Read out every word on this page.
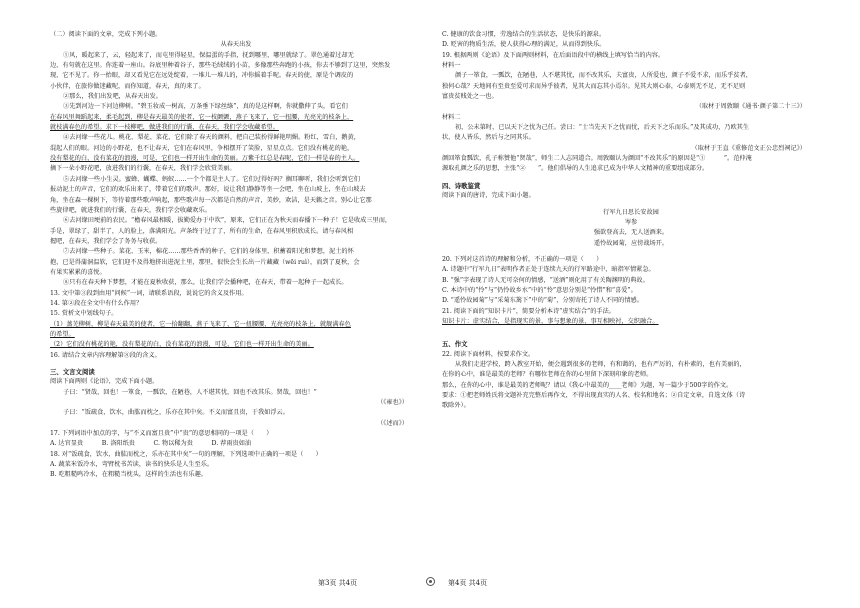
（二）阅读下面的文章，完成下列小题。
从春天出发
①风，暖起来了，云，轻起来了，而屯里得轻星，保温蛋的手指，抚到哪里，哪里就绿了。翠色通着过却无
边，有句就在这里。你连着一座山。谷底里种着谷子，那些毛绒绒的小苗，多像那些奔跑的小孩，你去不够到了这里，突然发
现，它不见了。你一抬眼，却又看见它在远处绽着，一堆儿一堆儿的，冲你摇着手呢。春天的使，原是个调皮的
小伙伴，在旅你做迷藏呢，而你知道，春天，真的来了。
②那么，我们出发吧，从春天出发。
③先到河边一下河边柳树。“碧玉妆成一树高，万条垂下绿丝绦”，真的是这样啊，你就撒伸了头，看它们
在春风里舞蹈起来，柔毛起到，柳是春天最美的使者，它一枝颤颤，燕子飞来了，它一扭腰，光亮光的枝条上，
就枝满春色的希望。求下一枝柳吧，做进我们的行囊，在春天，我们学会收藏希望。
④去河缘一些花儿。桃花、梨花、菜花，它们除了春天的颜料，把自己装扮得鲜艳明媚。粉红，雪白，鹅黄，
混起人们的眼。河边的小野花，也不让春天，它们在春风里，争相摆开了笑脸，星星点点。它们没有桃花的艳，
没有梨花的白，没有菜花的浪漫，可是，它们也一样开出生命的美丽。万紫千红总是春呢，它们一样是春的主人。
摘下一朵小野花吧，放进我们的行囊，在春天，我们学会欣赏美丽。
⑤去河缘一些小生灵。蜜蜂、蝴蝶、蚂蚁……一个个都是主人了。它们过得好吗？搁耳聊听，我们会听到它们
报动泥土的声音，它们的欢乐出来了，带着它们的歌声。那好，说让我们静静等坐一会吧，坐在山坡上，坐在山坡去
角，坐在森一棵树下，等待着那些歌声响起，那些歌声每一次都是自然的声音，美妙，欢洁，是天籁之音。别心让它那
些旋律吧，就进我们的行囊，在春天，我们学会收藏欢乐。
⑥去河缘田埂前的农民。“檐春风最相暖，拔勤爱办于中坎”，原来，它们正在为秋天而春播下一种子！它是收成三里而，
手是，翠绿了，甜半了，人的脸上，落满阳光。声条终于过了了，所有的生命，在春风里积欣成长。请与春风相
握吧，在春天，我们学会了务务与收获。
⑦去河缘一些种子。菜花、玉米，棉花……那些香香的种子，它们的身体里，积蓄着阳光和梦想，泥土的怀
抱，已是得蒲洞温软，它们迎不及得地挤出进泥土里，那里，很快会生长出一片藏藏（wēi ruì），而到了夏秋，会
有果实累累的喜悦。
⑧只有在春天种下梦想，才能在夏秋收获，那么，让我们学会播种吧，在春天，带着一起种子一起成长。
13. 文中第③段到由用“问候”一词，请联系语段，说说它的含义及作用。
14. 第②段在全文中有什么作用？
15. 赏析文中划线句子。
（1）蒸芜柳树，柳是春天最美的使者，它一拾翻翻，燕子飞来了，它一扭腰腰，光亮亮的枝条上，就舰满春色
的希望。
（2）它们没有桃花的艳，没有梨花的白，没有菜花的浪漫，可是，它们也一样开出生命的美丽。
16. 请结合文章内容理解第⑧段的含义。
三、文言文阅读
阅读下面两则《论语》，完成下面小题。
子曰：“贤哉，回也！一箪食，一瓢饮，在陋巷，人不堪其忧，回也不改其乐。贤哉，回也！”
（《雍也》）
子曰：“饭疏食，饮水，曲肱而枕之，乐亦在其中矣。不义而富且贵，于我如浮云。
（《述而》）
17. 下列词语中加点的字，与“不义而富且贵”中“贵”的意思相同的一项是（　　）
A. 达官显贵　　　B. 洛阳纸贵　　　C. 物以稀为贵　　　D. 荐雨贵如油
18. 对“饭疏食，饮水，曲肱而枕之，乐亦在其中矣”一句的理解，下列选项中正确的一项是（　　）
A. 蔬菜米饭冷水，弯臂枕书苦读，读书的快乐是人生至乐。
B. 吃粗糙鸣冷水，在粗糙当枕头，这样的生活也有乐趣。
C. 健康的饮食习惯，劳逸结合的生活状态，是快乐的源泉。
D. 贬害的物质生活，使人获得心理的满足，从而得到快乐。
19. 根据两则《论语》及下面两则材料，在后面语段中的横线上填写恰当的内容。
材料一
颜子一箪食，一瓢饮，在陋巷，人不堪其忧，而不改其乐，夫富贵，人所爱也，颜子不爱不求，而乐乎贫者，
独何心哉？天地间有至贵至爱可求而异乎彼者，见其大而忘其小焉尔。见其大则心泰，心泰则无不足，无不足则
富贵贫贱处之一也。
（取材于周敦颐《通书·颜子第二十三》）
材料二
初，公未第时，已以天下之忧为己任。尝曰：“士当先天下之忧而忧，后天下之乐而乐。”及其成功，乃欧其生
状，使人皆乐，然后与之同其乐。
（取材于王直《重修范文正公忠烈祠记》）
颜回箪食瓢饮，孔子称赞他“贤哉”，师生二人志同道合。周敦颐认为颜回“不改其乐”的原因是“①　　　”。范仲淹
源取孔颜之乐的思想，主张“②　　”。他们倡导的人生追求已成为中华人文精神的重要组成部分。
四、诗歌鉴赏
阅读下面的唐诗，完成下面小题。
行军九日思长安故园
岑参
强欲登高去，无人送酒来。
遥怜故园菊，应傍战场开。
20. 下列对这首诗的理解和分析，不正确的一项是（　　）
A. 诗题中“行军九日”表明作者正处于连续九天的行军路途中，暗指军情紧急。
B. “强”字表现了诗人无可奈何的情感，“送酒”则化用了有关陶渊明的典故。
C. 本诗中的“怜”与“仍怜故乡水”中的“怜”意思分别是“怜惜”和“喜爱”。
D. “遥怜故园菊”与“采菊东篱下”中的“菊”，分别寄托了诗人不同的情感。
21. 阅读下面的“知识卡片”，简要分析本诗“虚实结合”的手法。
知识卡片：虚实结合，是指现实的景、事与想象的景、事互相映衬，交织融合。
五、作文
22. 阅读下面材料，按要求作文。
从我们走进学校，跨入教室开始，便会遇到很多的老师，有和蔼的，也有严厉的，有朴素的，也有美丽的，
在你的心中，谁是最美的老师？有哪位老师在你的心里留下深刻印象的老师。
那么，在你的心中，谁是最美的老师呢？请以《我心中最美的____老师》为题，写一篇少于500字的作文。
要求：①把老师姓氏将文题补充完整后再作文，不得出现真实的人名、校名和地名；②自定文章，自选文体（诗
歌除外）。
第3页 共4页	第4页 共4页
